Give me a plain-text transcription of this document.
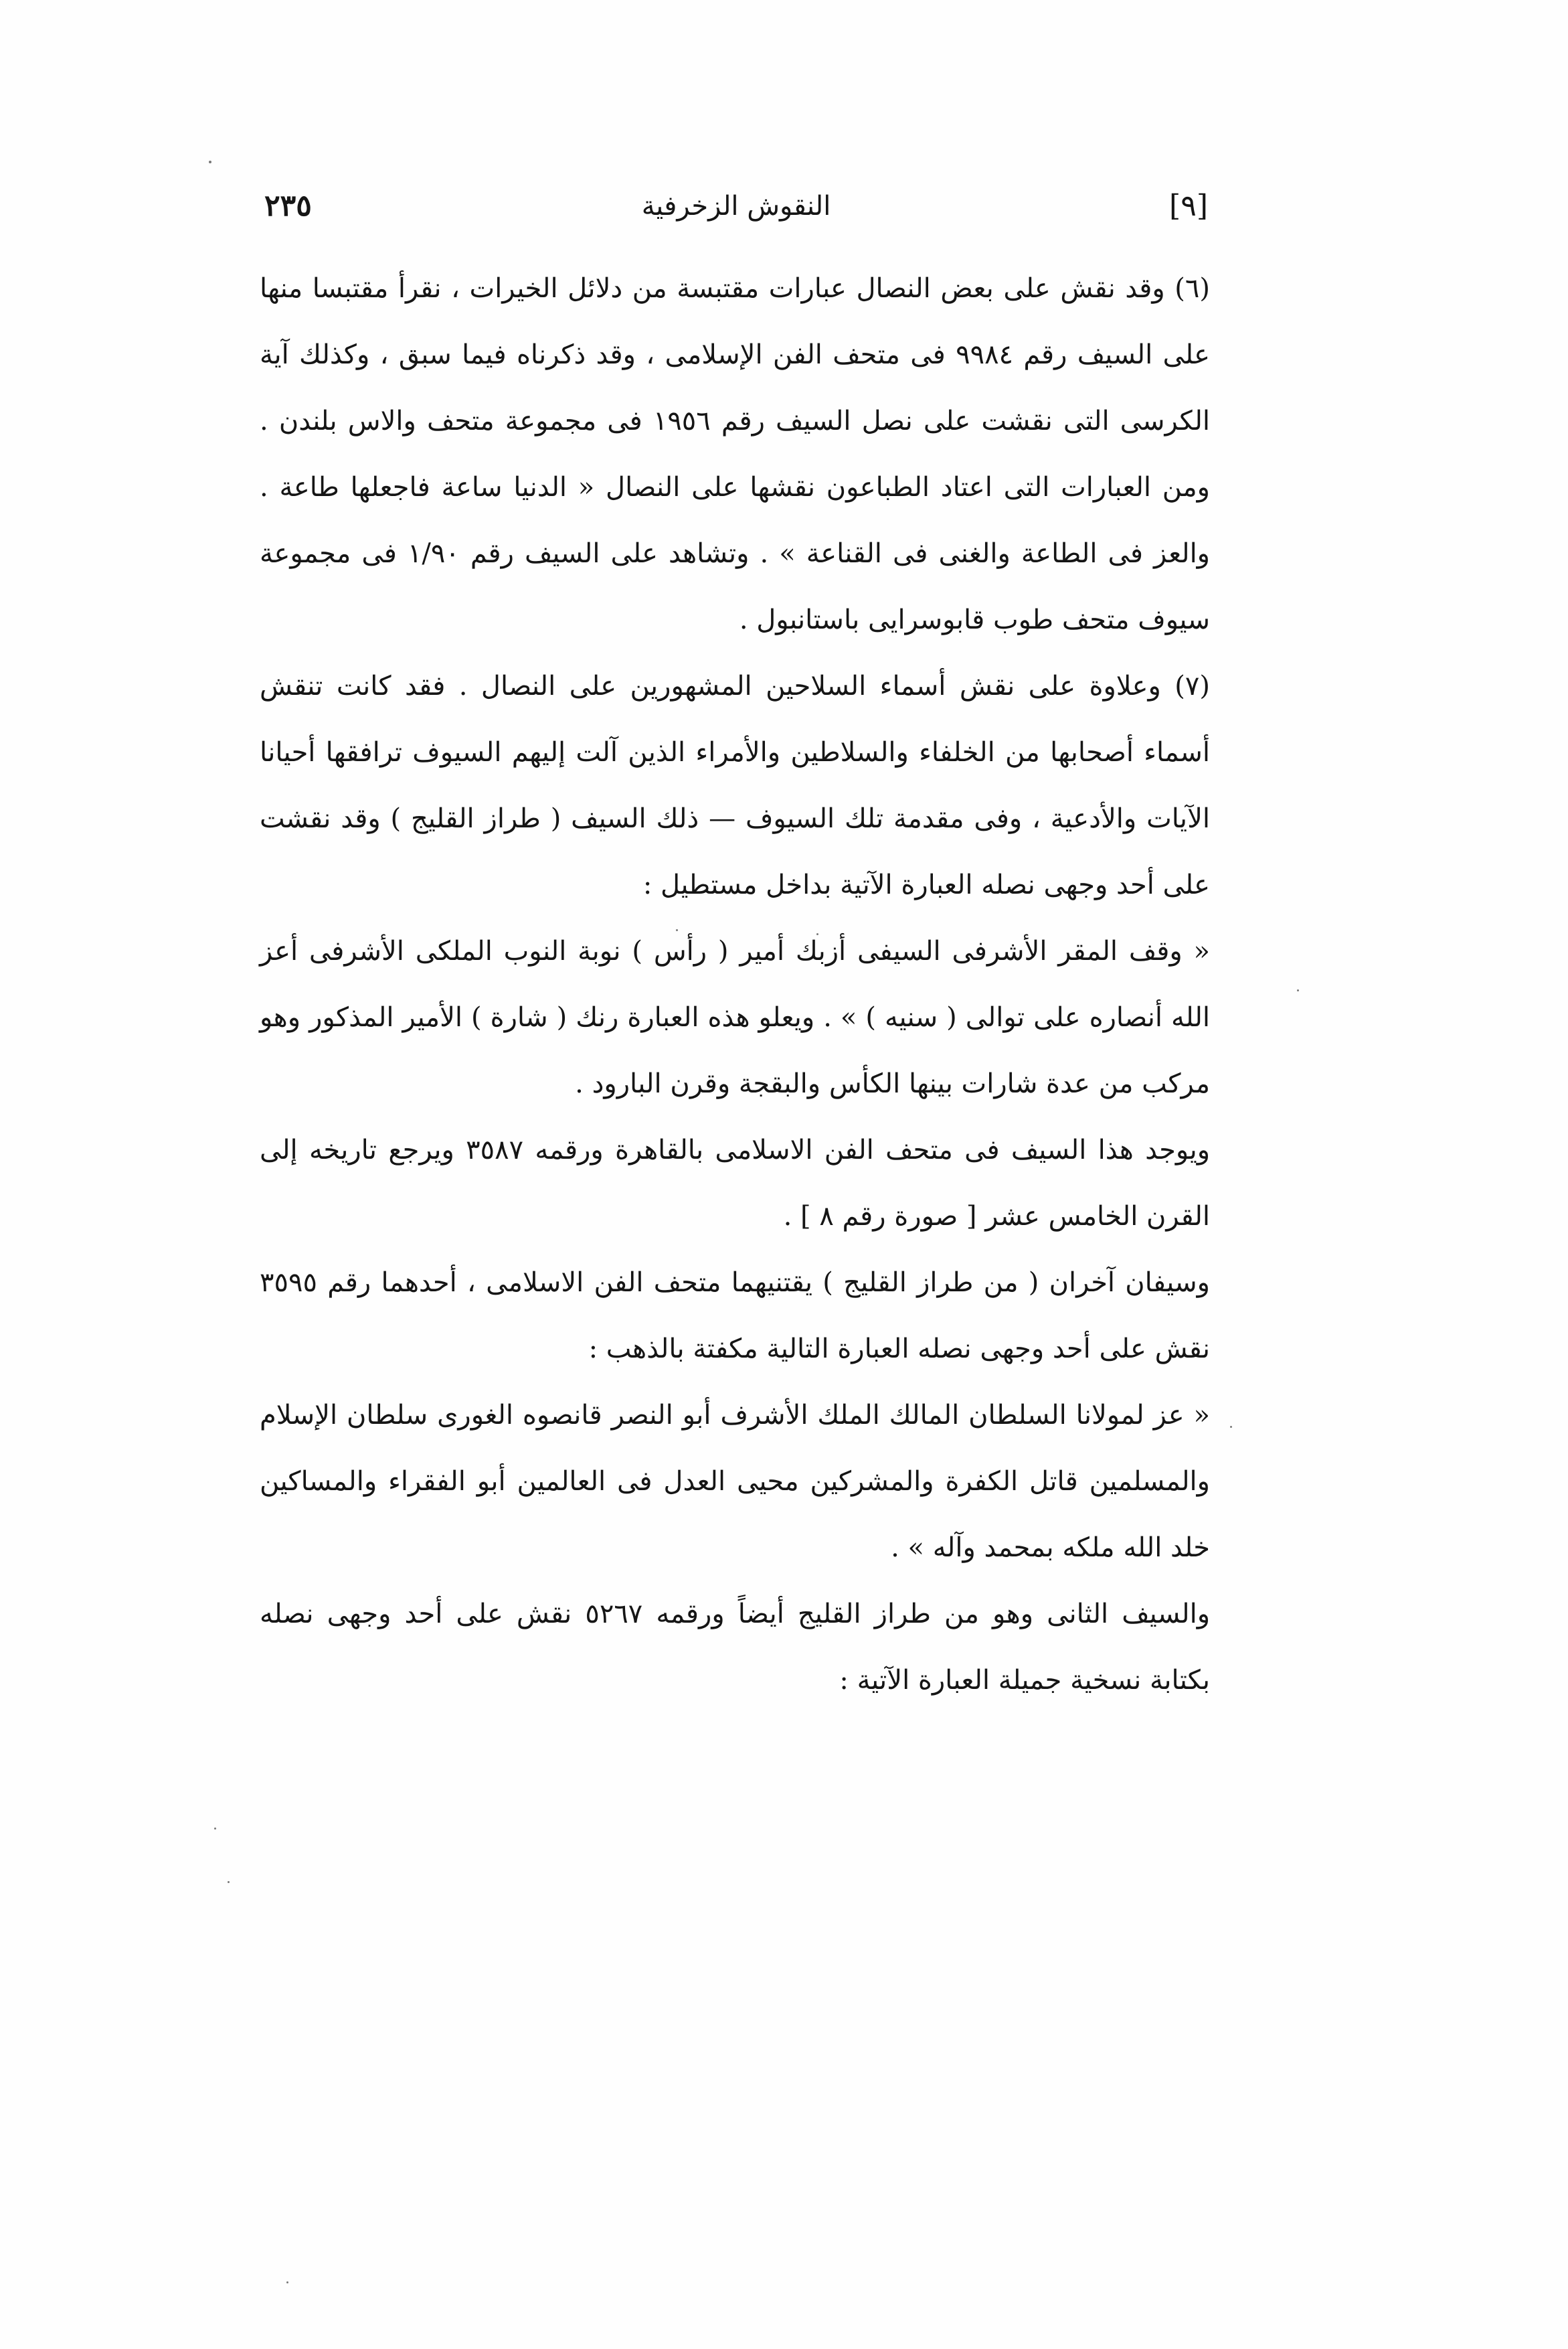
[٩]
النقوش الزخرفية
٢٣٥

(٦) وقد نقش على بعض النصال عبارات مقتبسة من دلائل الخيرات ، نقرأ مقتبسا منها على السيف رقم ٩٩٨٤ فى متحف الفن الإسلامى ، وقد ذكرناه فيما سبق ، وكذلك آية الكرسى التى نقشت على نصل السيف رقم ١٩٥٦ فى مجموعة متحف والاس بلندن . ومن العبارات التى اعتاد الطباعون نقشها على النصال « الدنيا ساعة فاجعلها طاعة . والعز فى الطاعة والغنى فى القناعة » . وتشاهد على السيف رقم ١/٩٠ فى مجموعة سيوف متحف طوب قابوسرايى باستانبول .

(٧) وعلاوة على نقش أسماء السلاحين المشهورين على النصال . فقد كانت تنقش أسماء أصحابها من الخلفاء والسلاطين والأمراء الذين آلت إليهم السيوف ترافقها أحيانا الآيات والأدعية ، وفى مقدمة تلك السيوف — ذلك السيف ( طراز القليج ) وقد نقشت على أحد وجهى نصله العبارة الآتية بداخل مستطيل :

« وقف المقر الأشرفى السيفى أزبك أمير ( رأس ) نوبة النوب الملكى الأشرفى أعز الله أنصاره على توالى ( سنيه ) » . ويعلو هذه العبارة رنك ( شارة ) الأمير المذكور وهو مركب من عدة شارات بينها الكأس والبقجة وقرن البارود .

ويوجد هذا السيف فى متحف الفن الاسلامى بالقاهرة ورقمه ٣٥٨٧ ويرجع تاريخه إلى القرن الخامس عشر [ صورة رقم ٨ ] .

وسيفان آخران ( من طراز القليج ) يقتنيهما متحف الفن الاسلامى ، أحدهما رقم ٣٥٩٥ نقش على أحد وجهى نصله العبارة التالية مكفتة بالذهب :

« عز لمولانا السلطان المالك الملك الأشرف أبو النصر قانصوه الغورى سلطان الإسلام والمسلمين قاتل الكفرة والمشركين محيى العدل فى العالمين أبو الفقراء والمساكين خلد الله ملكه بمحمد وآله » .

والسيف الثانى وهو من طراز القليج أيضاً ورقمه ٥٢٦٧ نقش على أحد وجهى نصله بكتابة نسخية جميلة العبارة الآتية :
